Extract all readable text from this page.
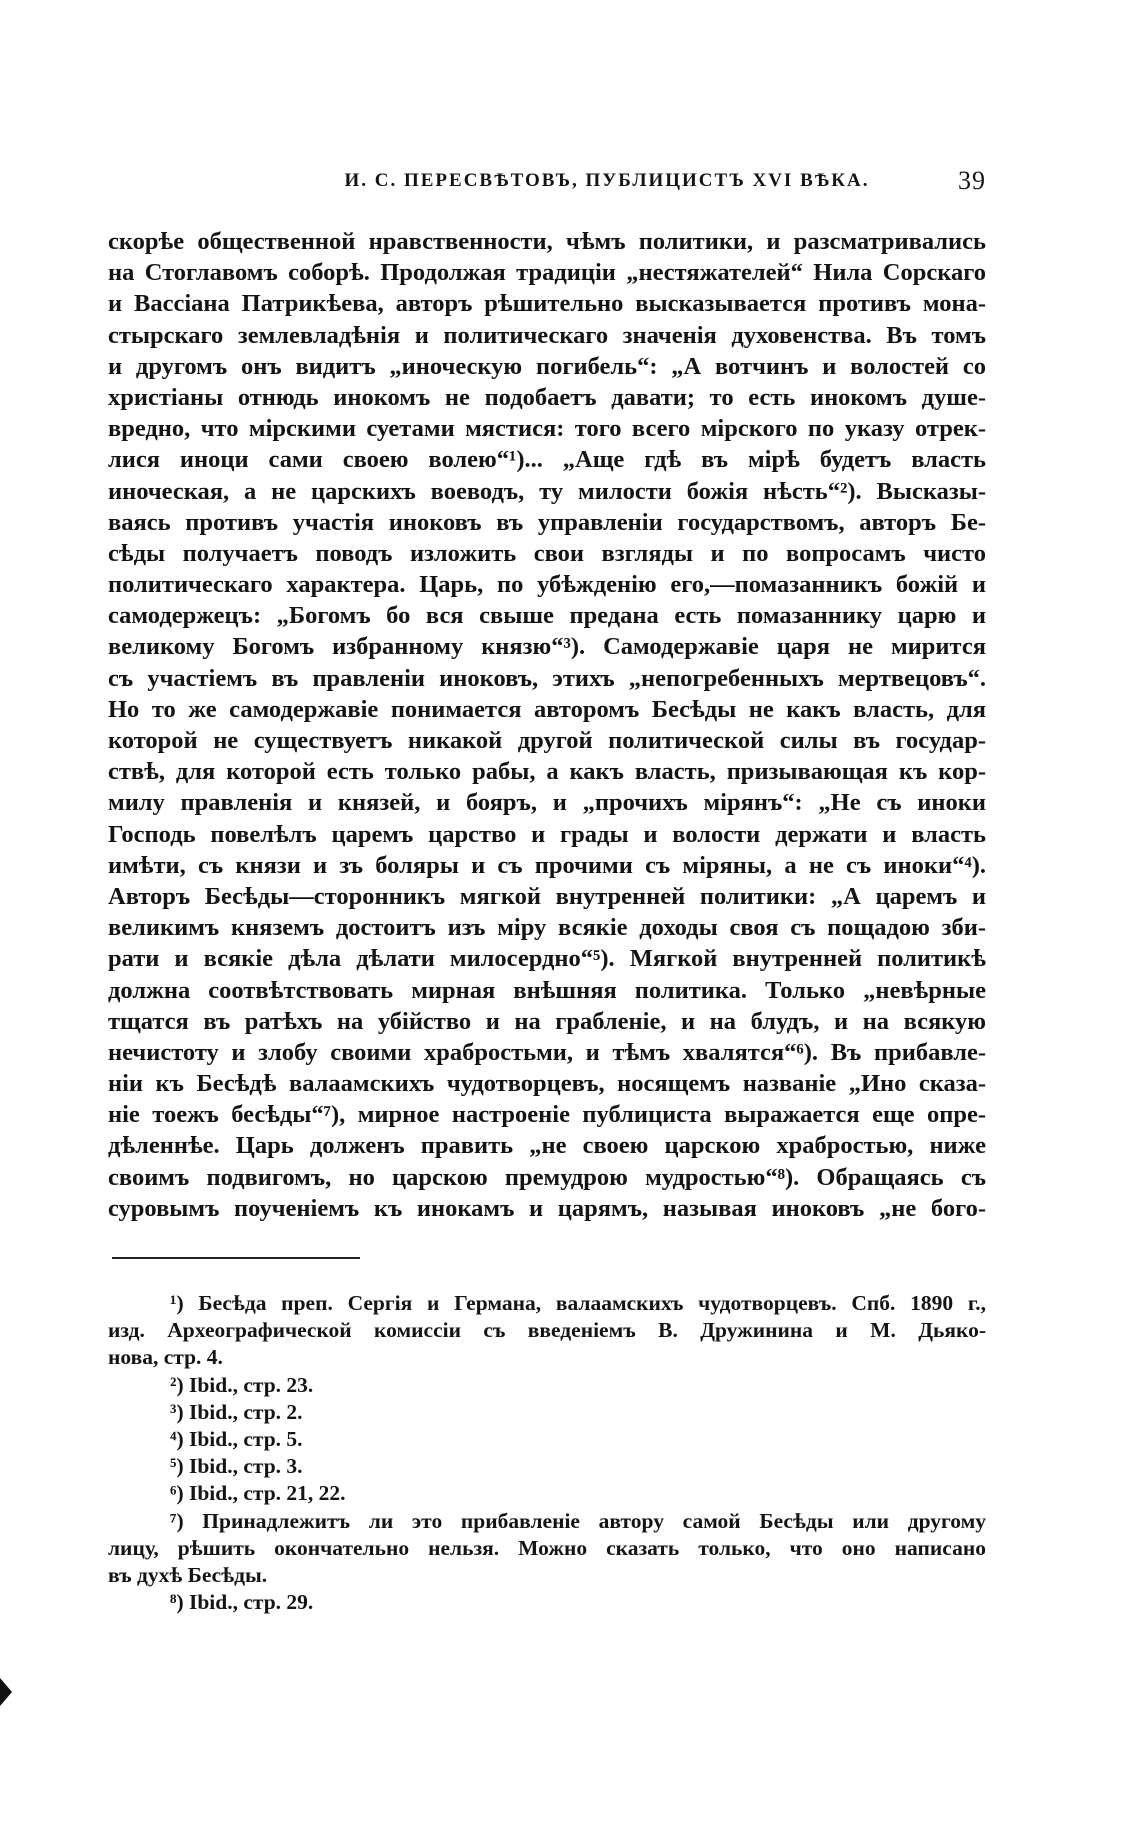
И. С. ПЕРЕСВѢТОВЪ, ПУБЛИЦИСТЪ XVI ВѢКА.	39
скорѣе общественной нравственности, чѣмъ политики, и разсматривались
на Стоглавомъ соборѣ. Продолжая традиціи „нестяжателей“ Нила Сорскаго
и Вассіана Патрикѣева, авторъ рѣшительно высказывается противъ мона-
стырскаго землевладѣнія и политическаго значенія духовенства. Въ томъ
и другомъ онъ видитъ „иноческую погибель“: „А вотчинъ и волостей со
христіаны отнюдь инокомъ не подобаетъ давати; то есть инокомъ душе-
вредно, что мірскими суетами мястися: того всего мірского по указу отрек-
лися иноци сами своею волею“¹)... „Аще гдѣ въ мірѣ будетъ власть
иноческая, а не царскихъ воеводъ, ту милости божія нѣсть“²). Высказы-
ваясь противъ участія иноковъ въ управленіи государствомъ, авторъ Бе-
сѣды получаетъ поводъ изложить свои взгляды и по вопросамъ чисто
политическаго характера. Царь, по убѣжденію его,—помазанникъ божій и
самодержецъ: „Богомъ бо вся свыше предана есть помазаннику царю и
великому Богомъ избранному князю“³). Самодержавіе царя не мирится
съ участіемъ въ правленіи иноковъ, этихъ „непогребенныхъ мертвецовъ“.
Но то же самодержавіе понимается авторомъ Бесѣды не какъ власть, для
которой не существуетъ никакой другой политической силы въ государ-
ствѣ, для которой есть только рабы, а какъ власть, призывающая къ кор-
милу правленія и князей, и бояръ, и „прочихъ мірянъ“: „Не съ иноки
Господь повелѣлъ царемъ царство и грады и волости держати и власть
имѣти, съ князи и зъ боляры и съ прочими съ міряны, а не съ иноки“⁴).
Авторъ Бесѣды—сторонникъ мягкой внутренней политики: „А царемъ и
великимъ княземъ достоитъ изъ міру всякіе доходы своя съ пощадою зби-
рати и всякіе дѣла дѣлати милосердно“⁵). Мягкой внутренней политикѣ
должна соотвѣтствовать мирная внѣшняя политика. Только „невѣрные
тщатся въ ратѣхъ на убійство и на грабленіе, и на блудъ, и на всякую
нечистоту и злобу своими храбростьми, и тѣмъ хвалятся“⁶). Въ прибавле-
ніи къ Бесѣдѣ валаамскихъ чудотворцевъ, носящемъ названіе „Ино сказа-
ніе тоежъ бесѣды“⁷), мирное настроеніе публициста выражается еще опре-
дѣленнѣе. Царь долженъ править „не своею царскою храбростью, ниже
своимъ подвигомъ, но царскою премудрою мудростью“⁸). Обращаясь съ
суровымъ поученіемъ къ инокамъ и царямъ, называя иноковъ „не бого-
¹) Бесѣда преп. Сергія и Германа, валаамскихъ чудотворцевъ. Спб. 1890 г.,
изд. Археографической комиссіи съ введеніемъ В. Дружинина и М. Дьяко-
нова, стр. 4.
²) Ibid., стр. 23.
³) Ibid., стр. 2.
⁴) Ibid., стр. 5.
⁵) Ibid., стр. 3.
⁶) Ibid., стр. 21, 22.
⁷) Принадлежитъ ли это прибавленіе автору самой Бесѣды или другому
лицу, рѣшить окончательно нельзя. Можно сказать только, что оно написано
въ духѣ Бесѣды.
⁸) Ibid., стр. 29.
